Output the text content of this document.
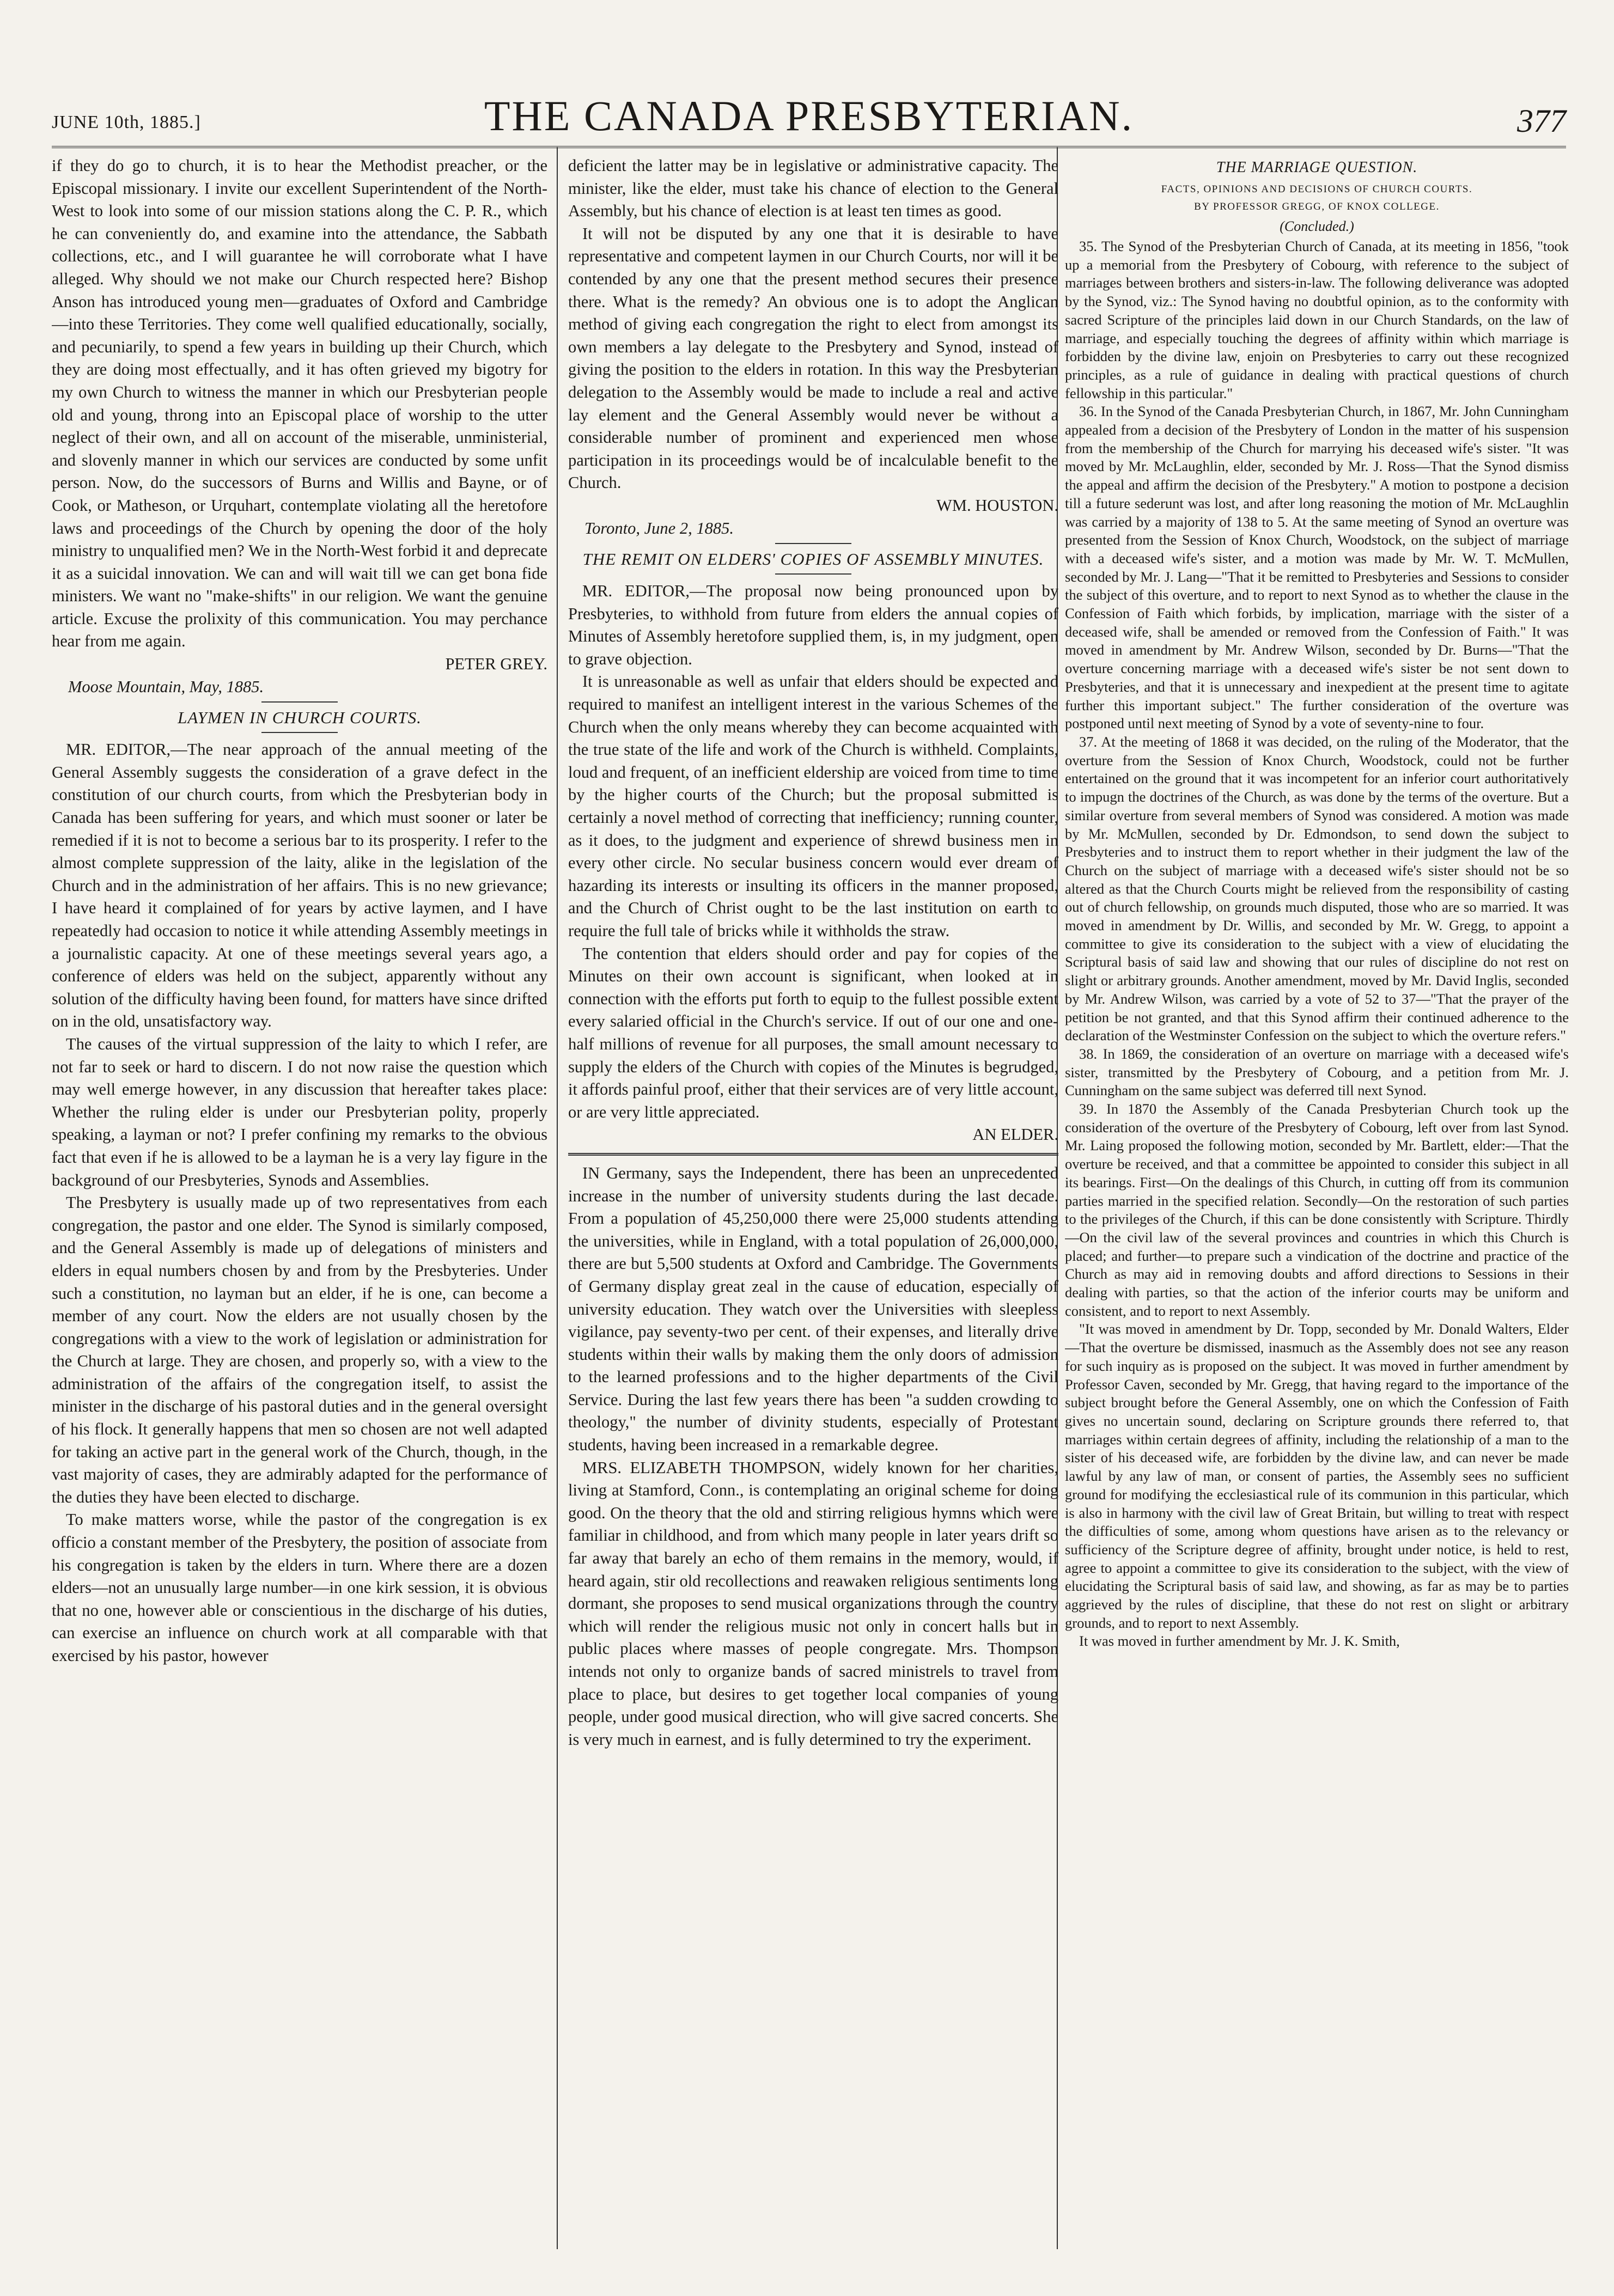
JUNE 10th, 1885.]	THE CANADA PRESBYTERIAN.	377

if they do go to church, it is to hear the Methodist preacher, or the Episcopal missionary. I invite our excellent Superintendent of the North-West to look into some of our mission stations along the C. P. R., which he can conveniently do, and examine into the attendance, the Sabbath collections, etc., and I will guarantee he will corroborate what I have alleged. Why should we not make our Church respected here? Bishop Anson has introduced young men—graduates of Oxford and Cambridge—into these Territories. They come well qualified educationally, socially, and pecuniarily, to spend a few years in building up their Church, which they are doing most effectually, and it has often grieved my bigotry for my own Church to witness the manner in which our Presbyterian people old and young, throng into an Episcopal place of worship to the utter neglect of their own, and all on account of the miserable, unministerial, and slovenly manner in which our services are conducted by some unfit person. Now, do the successors of Burns and Willis and Bayne, or of Cook, or Matheson, or Urquhart, contemplate violating all the heretofore laws and proceedings of the Church by opening the door of the holy ministry to unqualified men? We in the North-West forbid it and deprecate it as a suicidal innovation. We can and will wait till we can get bona fide ministers. We want no "make-shifts" in our religion. We want the genuine article. Excuse the prolixity of this communication. You may perchance hear from me again.

PETER GREY.

Moose Mountain, May, 1885.

LAYMEN IN CHURCH COURTS.

MR. EDITOR,—The near approach of the annual meeting of the General Assembly suggests the consideration of a grave defect in the constitution of our church courts, from which the Presbyterian body in Canada has been suffering for years, and which must sooner or later be remedied if it is not to become a serious bar to its prosperity. I refer to the almost complete suppression of the laity, alike in the legislation of the Church and in the administration of her affairs. This is no new grievance; I have heard it complained of for years by active laymen, and I have repeatedly had occasion to notice it while attending Assembly meetings in a journalistic capacity. At one of these meetings several years ago, a conference of elders was held on the subject, apparently without any solution of the difficulty having been found, for matters have since drifted on in the old, unsatisfactory way.

The causes of the virtual suppression of the laity to which I refer, are not far to seek or hard to discern. I do not now raise the question which may well emerge however, in any discussion that hereafter takes place: Whether the ruling elder is under our Presbyterian polity, properly speaking, a layman or not? I prefer confining my remarks to the obvious fact that even if he is allowed to be a layman he is a very lay figure in the background of our Presbyteries, Synods and Assemblies.

The Presbytery is usually made up of two representatives from each congregation, the pastor and one elder. The Synod is similarly composed, and the General Assembly is made up of delegations of ministers and elders in equal numbers chosen by and from by the Presbyteries. Under such a constitution, no layman but an elder, if he is one, can become a member of any court. Now the elders are not usually chosen by the congregations with a view to the work of legislation or administration for the Church at large. They are chosen, and properly so, with a view to the administration of the affairs of the congregation itself, to assist the minister in the discharge of his pastoral duties and in the general oversight of his flock. It generally happens that men so chosen are not well adapted for taking an active part in the general work of the Church, though, in the vast majority of cases, they are admirably adapted for the performance of the duties they have been elected to discharge.

To make matters worse, while the pastor of the congregation is ex officio a constant member of the Presbytery, the position of associate from his congregation is taken by the elders in turn. Where there are a dozen elders—not an unusually large number—in one kirk session, it is obvious that no one, however able or conscientious in the discharge of his duties, can exercise an influence on church work at all comparable with that exercised by his pastor, however

deficient the latter may be in legislative or administrative capacity. The minister, like the elder, must take his chance of election to the General Assembly, but his chance of election is at least ten times as good.

It will not be disputed by any one that it is desirable to have representative and competent laymen in our Church Courts, nor will it be contended by any one that the present method secures their presence there. What is the remedy? An obvious one is to adopt the Anglican method of giving each congregation the right to elect from amongst its own members a lay delegate to the Presbytery and Synod, instead of giving the position to the elders in rotation. In this way the Presbyterian delegation to the Assembly would be made to include a real and active lay element and the General Assembly would never be without a considerable number of prominent and experienced men whose participation in its proceedings would be of incalculable benefit to the Church.

WM. HOUSTON.

Toronto, June 2, 1885.

THE REMIT ON ELDERS' COPIES OF ASSEMBLY MINUTES.

MR. EDITOR,—The proposal now being pronounced upon by Presbyteries, to withhold from future from elders the annual copies of Minutes of Assembly heretofore supplied them, is, in my judgment, open to grave objection.

It is unreasonable as well as unfair that elders should be expected and required to manifest an intelligent interest in the various Schemes of the Church when the only means whereby they can become acquainted with the true state of the life and work of the Church is withheld. Complaints, loud and frequent, of an inefficient eldership are voiced from time to time by the higher courts of the Church; but the proposal submitted is certainly a novel method of correcting that inefficiency; running counter, as it does, to the judgment and experience of shrewd business men in every other circle. No secular business concern would ever dream of hazarding its interests or insulting its officers in the manner proposed, and the Church of Christ ought to be the last institution on earth to require the full tale of bricks while it withholds the straw.

The contention that elders should order and pay for copies of the Minutes on their own account is significant, when looked at in connection with the efforts put forth to equip to the fullest possible extent every salaried official in the Church's service. If out of our one and one-half millions of revenue for all purposes, the small amount necessary to supply the elders of the Church with copies of the Minutes is begrudged, it affords painful proof, either that their services are of very little account, or are very little appreciated.

AN ELDER.

IN Germany, says the Independent, there has been an unprecedented increase in the number of university students during the last decade. From a population of 45,250,000 there were 25,000 students attending the universities, while in England, with a total population of 26,000,000, there are but 5,500 students at Oxford and Cambridge. The Governments of Germany display great zeal in the cause of education, especially of university education. They watch over the Universities with sleepless vigilance, pay seventy-two per cent. of their expenses, and literally drive students within their walls by making them the only doors of admission to the learned professions and to the higher departments of the Civil Service. During the last few years there has been "a sudden crowding to theology," the number of divinity students, especially of Protestant students, having been increased in a remarkable degree.

MRS. ELIZABETH THOMPSON, widely known for her charities, living at Stamford, Conn., is contemplating an original scheme for doing good. On the theory that the old and stirring religious hymns which were familiar in childhood, and from which many people in later years drift so far away that barely an echo of them remains in the memory, would, if heard again, stir old recollections and reawaken religious sentiments long dormant, she proposes to send musical organizations through the country which will render the religious music not only in concert halls but in public places where masses of people congregate. Mrs. Thompson intends not only to organize bands of sacred ministrels to travel from place to place, but desires to get together local companies of young people, under good musical direction, who will give sacred concerts. She is very much in earnest, and is fully determined to try the experiment.

THE MARRIAGE QUESTION.
FACTS, OPINIONS AND DECISIONS OF CHURCH COURTS.
BY PROFESSOR GREGG, OF KNOX COLLEGE.
(Concluded.)

35. The Synod of the Presbyterian Church of Canada, at its meeting in 1856, "took up a memorial from the Presbytery of Cobourg, with reference to the subject of marriages between brothers and sisters-in-law. The following deliverance was adopted by the Synod, viz.: The Synod having no doubtful opinion, as to the conformity with sacred Scripture of the principles laid down in our Church Standards, on the law of marriage, and especially touching the degrees of affinity within which marriage is forbidden by the divine law, enjoin on Presbyteries to carry out these recognized principles, as a rule of guidance in dealing with practical questions of church fellowship in this particular."

36. In the Synod of the Canada Presbyterian Church, in 1867, Mr. John Cunningham appealed from a decision of the Presbytery of London in the matter of his suspension from the membership of the Church for marrying his deceased wife's sister. "It was moved by Mr. McLaughlin, elder, seconded by Mr. J. Ross—That the Synod dismiss the appeal and affirm the decision of the Presbytery." A motion to postpone a decision till a future sederunt was lost, and after long reasoning the motion of Mr. McLaughlin was carried by a majority of 138 to 5. At the same meeting of Synod an overture was presented from the Session of Knox Church, Woodstock, on the subject of marriage with a deceased wife's sister, and a motion was made by Mr. W. T. McMullen, seconded by Mr. J. Lang—"That it be remitted to Presbyteries and Sessions to consider the subject of this overture, and to report to next Synod as to whether the clause in the Confession of Faith which forbids, by implication, marriage with the sister of a deceased wife, shall be amended or removed from the Confession of Faith." It was moved in amendment by Mr. Andrew Wilson, seconded by Dr. Burns—"That the overture concerning marriage with a deceased wife's sister be not sent down to Presbyteries, and that it is unnecessary and inexpedient at the present time to agitate further this important subject." The further consideration of the overture was postponed until next meeting of Synod by a vote of seventy-nine to four.

37. At the meeting of 1868 it was decided, on the ruling of the Moderator, that the overture from the Session of Knox Church, Woodstock, could not be further entertained on the ground that it was incompetent for an inferior court authoritatively to impugn the doctrines of the Church, as was done by the terms of the overture. But a similar overture from several members of Synod was considered. A motion was made by Mr. McMullen, seconded by Dr. Edmondson, to send down the subject to Presbyteries and to instruct them to report whether in their judgment the law of the Church on the subject of marriage with a deceased wife's sister should not be so altered as that the Church Courts might be relieved from the responsibility of casting out of church fellowship, on grounds much disputed, those who are so married. It was moved in amendment by Dr. Willis, and seconded by Mr. W. Gregg, to appoint a committee to give its consideration to the subject with a view of elucidating the Scriptural basis of said law and showing that our rules of discipline do not rest on slight or arbitrary grounds. Another amendment, moved by Mr. David Inglis, seconded by Mr. Andrew Wilson, was carried by a vote of 52 to 37—"That the prayer of the petition be not granted, and that this Synod affirm their continued adherence to the declaration of the Westminster Confession on the subject to which the overture refers."

38. In 1869, the consideration of an overture on marriage with a deceased wife's sister, transmitted by the Presbytery of Cobourg, and a petition from Mr. J. Cunningham on the same subject was deferred till next Synod.

39. In 1870 the Assembly of the Canada Presbyterian Church took up the consideration of the overture of the Presbytery of Cobourg, left over from last Synod. Mr. Laing proposed the following motion, seconded by Mr. Bartlett, elder:—That the overture be received, and that a committee be appointed to consider this subject in all its bearings. First—On the dealings of this Church, in cutting off from its communion parties married in the specified relation. Secondly—On the restoration of such parties to the privileges of the Church, if this can be done consistently with Scripture. Thirdly—On the civil law of the several provinces and countries in which this Church is placed; and further—to prepare such a vindication of the doctrine and practice of the Church as may aid in removing doubts and afford directions to Sessions in their dealing with parties, so that the action of the inferior courts may be uniform and consistent, and to report to next Assembly.

"It was moved in amendment by Dr. Topp, seconded by Mr. Donald Walters, Elder—That the overture be dismissed, inasmuch as the Assembly does not see any reason for such inquiry as is proposed on the subject. It was moved in further amendment by Professor Caven, seconded by Mr. Gregg, that having regard to the importance of the subject brought before the General Assembly, one on which the Confession of Faith gives no uncertain sound, declaring on Scripture grounds there referred to, that marriages within certain degrees of affinity, including the relationship of a man to the sister of his deceased wife, are forbidden by the divine law, and can never be made lawful by any law of man, or consent of parties, the Assembly sees no sufficient ground for modifying the ecclesiastical rule of its communion in this particular, which is also in harmony with the civil law of Great Britain, but willing to treat with respect the difficulties of some, among whom questions have arisen as to the relevancy or sufficiency of the Scripture degree of affinity, brought under notice, is held to rest, agree to appoint a committee to give its consideration to the subject, with the view of elucidating the Scriptural basis of said law, and showing, as far as may be to parties aggrieved by the rules of discipline, that these do not rest on slight or arbitrary grounds, and to report to next Assembly.

It was moved in further amendment by Mr. J. K. Smith,
